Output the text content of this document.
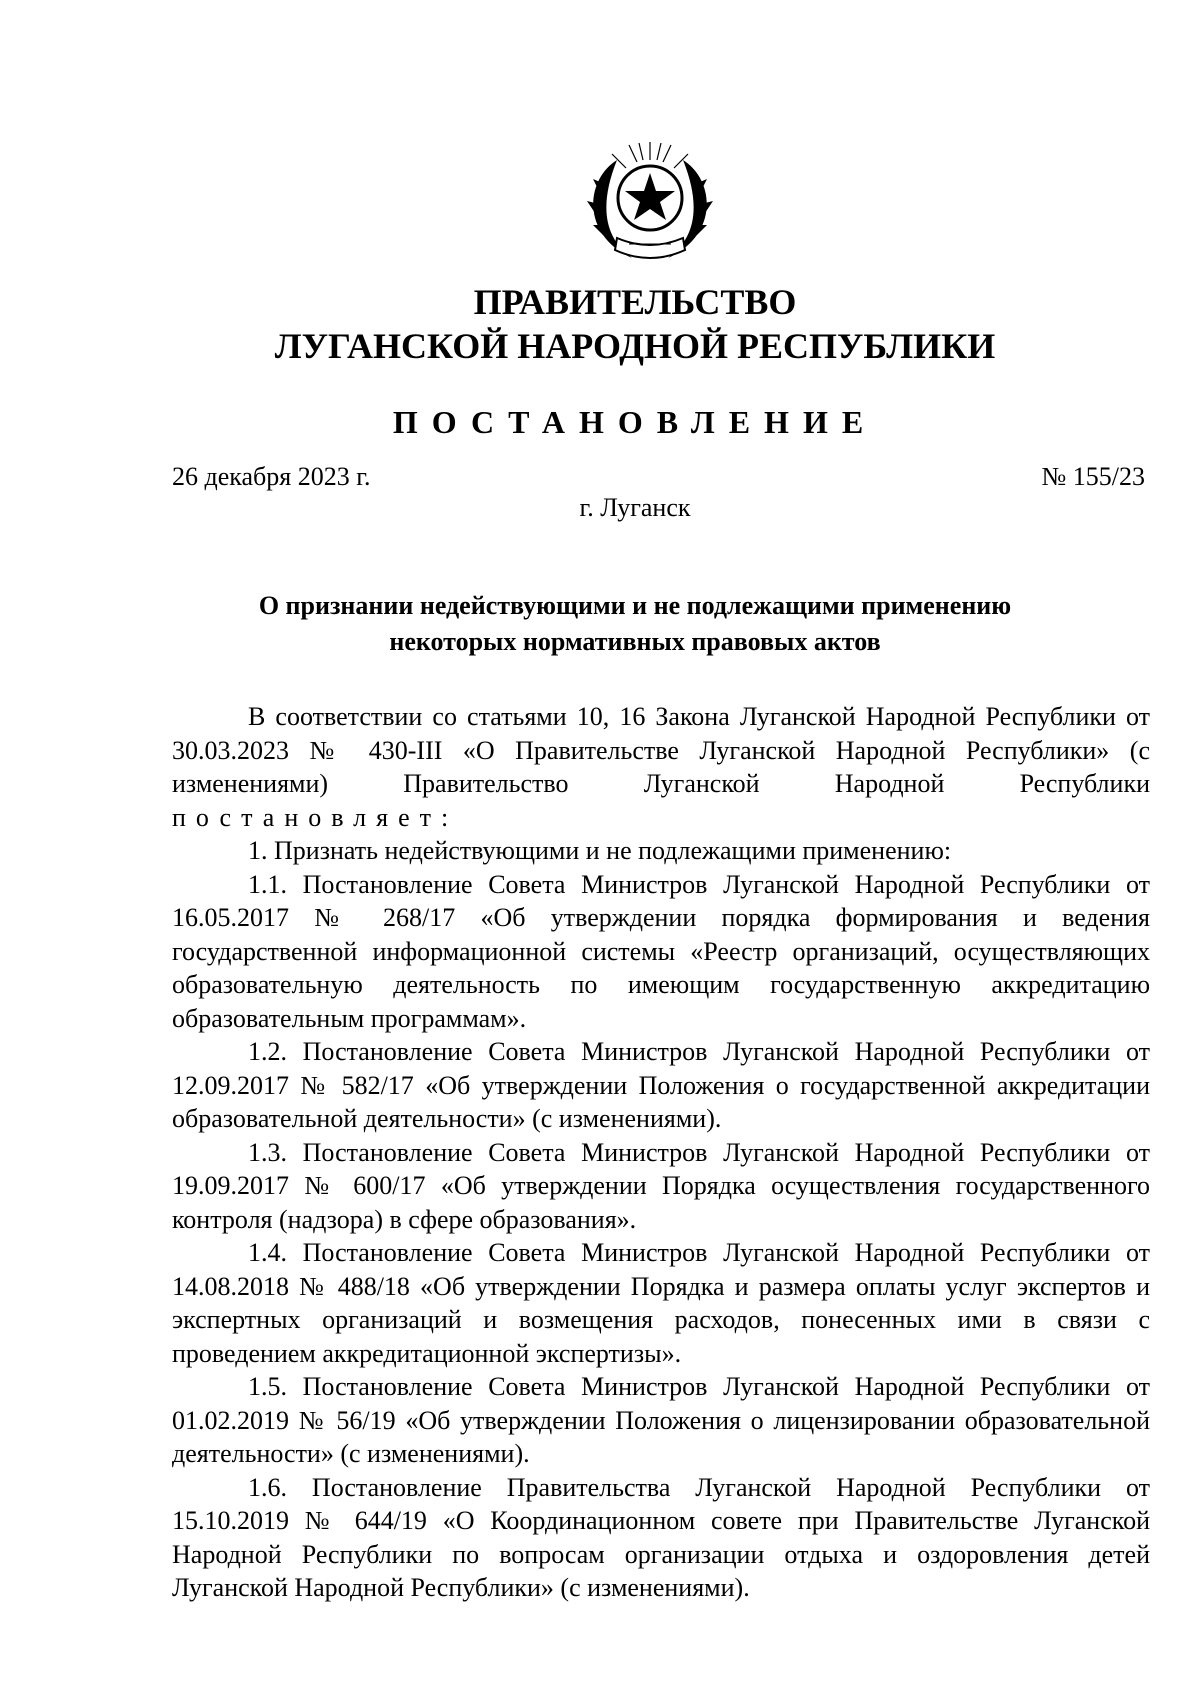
ПРАВИТЕЛЬСТВО
ЛУГАНСКОЙ НАРОДНОЙ РЕСПУБЛИКИ
ПОСТАНОВЛЕНИЕ
26 декабря 2023 г.	№ 155/23
г. Луганск
О признании недействующими и не подлежащими применению
некоторых нормативных правовых актов

В соответствии со статьями 10, 16 Закона Луганской Народной Республики от 30.03.2023 № 430-III «О Правительстве Луганской Народной Республики» (с изменениями) Правительство Луганской Народной Республики постановляет:

1. Признать недействующими и не подлежащими применению:

1.1. Постановление Совета Министров Луганской Народной Республики от 16.05.2017 № 268/17 «Об утверждении порядка формирования и ведения государственной информационной системы «Реестр организаций, осуществляющих образовательную деятельность по имеющим государственную аккредитацию образовательным программам».

1.2. Постановление Совета Министров Луганской Народной Республики от 12.09.2017 № 582/17 «Об утверждении Положения о государственной аккредитации образовательной деятельности» (с изменениями).

1.3. Постановление Совета Министров Луганской Народной Республики от 19.09.2017 № 600/17 «Об утверждении Порядка осуществления государственного контроля (надзора) в сфере образования».

1.4. Постановление Совета Министров Луганской Народной Республики от 14.08.2018 № 488/18 «Об утверждении Порядка и размера оплаты услуг экспертов и экспертных организаций и возмещения расходов, понесенных ими в связи с проведением аккредитационной экспертизы».

1.5. Постановление Совета Министров Луганской Народной Республики от 01.02.2019 № 56/19 «Об утверждении Положения о лицензировании образовательной деятельности» (с изменениями).

1.6. Постановление Правительства Луганской Народной Республики от 15.10.2019 № 644/19 «О Координационном совете при Правительстве Луганской Народной Республики по вопросам организации отдыха и оздоровления детей Луганской Народной Республики» (с изменениями).
